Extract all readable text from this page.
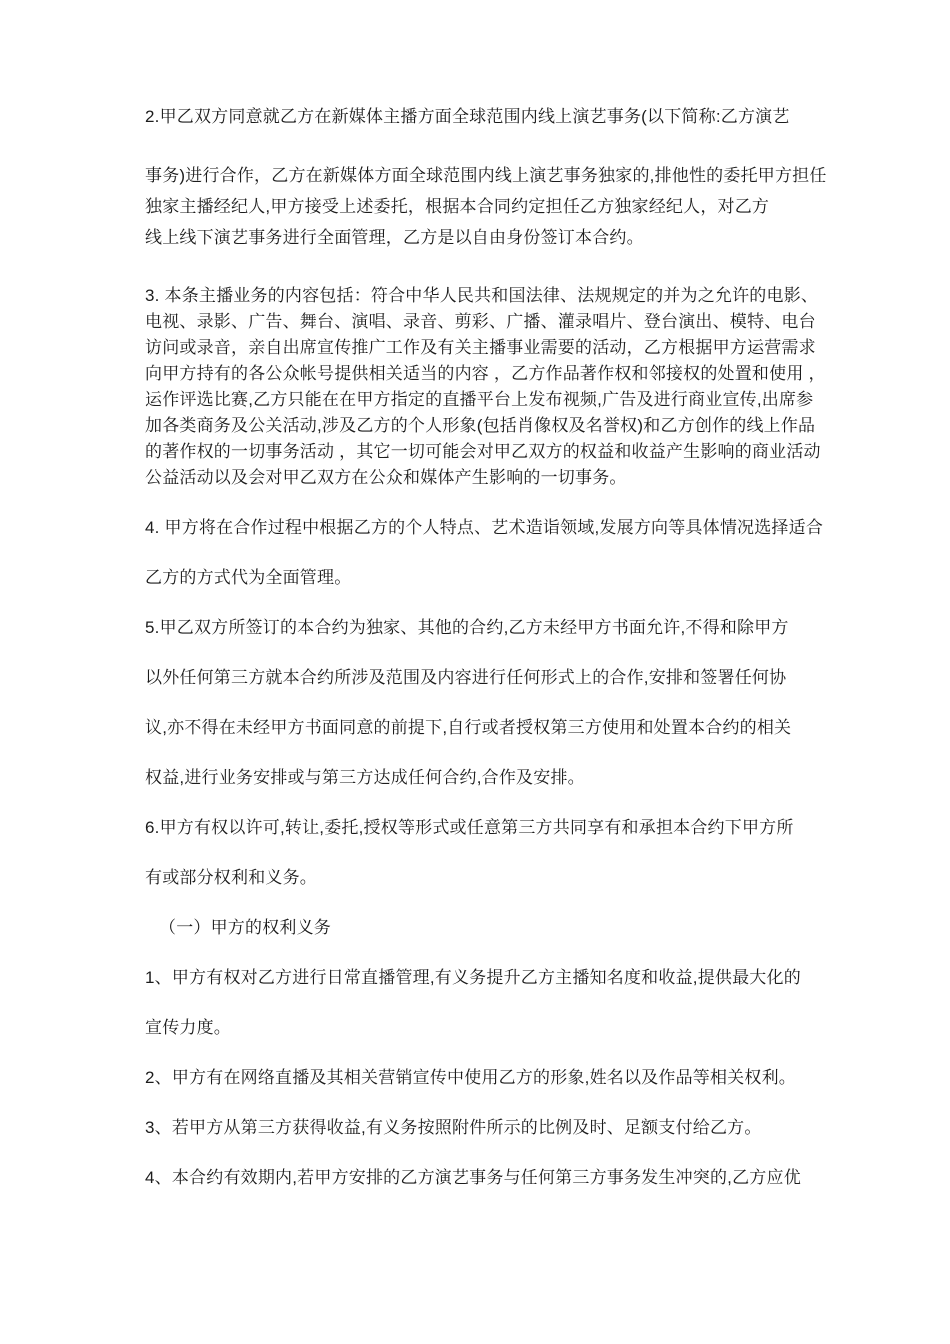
2.甲乙双方同意就乙方在新媒体主播方面全球范围内线上演艺事务(以下简称:乙方演艺
事务)进行合作，乙方在新媒体方面全球范围内线上演艺事务独家的,排他性的委托甲方担任
独家主播经纪人,甲方接受上述委托，根据本合同约定担任乙方独家经纪人，对乙方
线上线下演艺事务进行全面管理，乙方是以自由身份签订本合约。
3. 本条主播业务的内容包括：符合中华人民共和国法律、法规规定的并为之允许的电影、
电视、录影、广告、舞台、演唱、录音、剪彩、广播、灌录唱片、登台演出、模特、电台
访问或录音，亲自出席宣传推广工作及有关主播事业需要的活动，乙方根据甲方运营需求
向甲方持有的各公众帐号提供相关适当的内容 ，乙方作品著作权和邻接权的处置和使用 ，
运作评选比赛,乙方只能在在甲方指定的直播平台上发布视频,广告及进行商业宣传,出席参
加各类商务及公关活动,涉及乙方的个人形象(包括肖像权及名誉权)和乙方创作的线上作品
的著作权的一切事务活动 ，其它一切可能会对甲乙双方的权益和收益产生影响的商业活动
公益活动以及会对甲乙双方在公众和媒体产生影响的一切事务。
4. 甲方将在合作过程中根据乙方的个人特点、艺术造诣领域,发展方向等具体情况选择适合
乙方的方式代为全面管理。
5.甲乙双方所签订的本合约为独家、其他的合约,乙方未经甲方书面允许,不得和除甲方
以外任何第三方就本合约所涉及范围及内容进行任何形式上的合作,安排和签署任何协
议,亦不得在未经甲方书面同意的前提下,自行或者授权第三方使用和处置本合约的相关
权益,进行业务安排或与第三方达成任何合约,合作及安排。
6.甲方有权以许可,转让,委托,授权等形式或任意第三方共同享有和承担本合约下甲方所
有或部分权利和义务。
（一）甲方的权利义务
1、甲方有权对乙方进行日常直播管理,有义务提升乙方主播知名度和收益,提供最大化的
宣传力度。
2、甲方有在网络直播及其相关营销宣传中使用乙方的形象,姓名以及作品等相关权利。
3、若甲方从第三方获得收益,有义务按照附件所示的比例及时、足额支付给乙方。
4、本合约有效期内,若甲方安排的乙方演艺事务与任何第三方事务发生冲突的,乙方应优
